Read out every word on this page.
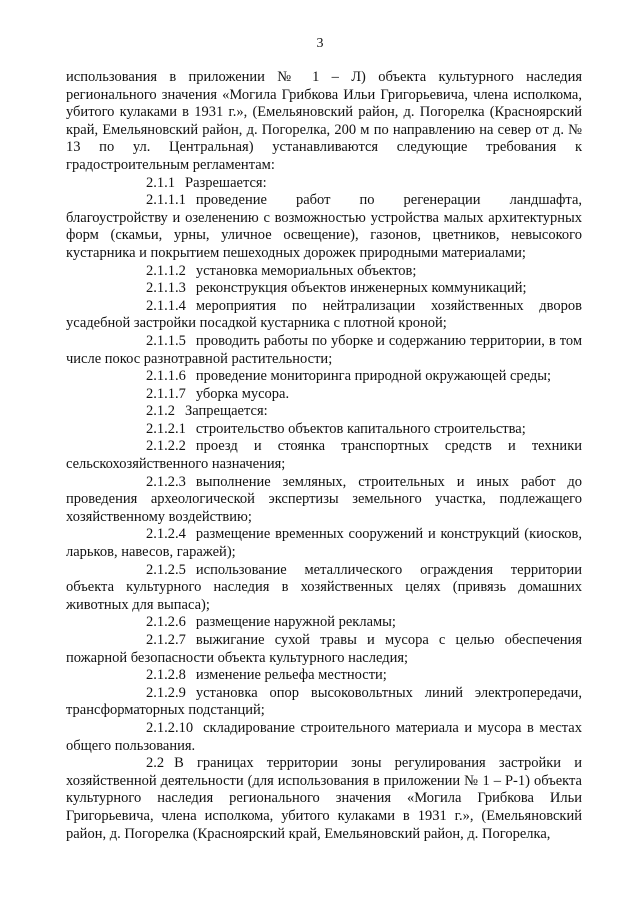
3

использования в приложении № 1 – Л) объекта культурного наследия регионального значения «Могила Грибкова Ильи Григорьевича, члена исполкома, убитого кулаками в 1931 г.», (Емельяновский район, д. Погорелка (Красноярский край, Емельяновский район, д. Погорелка, 200 м по направлению на север от д. № 13 по ул. Центральная) устанавливаются следующие требования к градостроительным регламентам:

2.1.1 Разрешается:

2.1.1.1 проведение работ по регенерации ландшафта, благоустройству и озеленению с возможностью устройства малых архитектурных форм (скамьи, урны, уличное освещение), газонов, цветников, невысокого кустарника и покрытием пешеходных дорожек природными материалами;

2.1.1.2 установка мемориальных объектов;

2.1.1.3 реконструкция объектов инженерных коммуникаций;

2.1.1.4 мероприятия по нейтрализации хозяйственных дворов усадебной застройки посадкой кустарника с плотной кроной;

2.1.1.5 проводить работы по уборке и содержанию территории, в том числе покос разнотравной растительности;

2.1.1.6 проведение мониторинга природной окружающей среды;

2.1.1.7 уборка мусора.

2.1.2 Запрещается:

2.1.2.1 строительство объектов капитального строительства;

2.1.2.2 проезд и стоянка транспортных средств и техники сельскохозяйственного назначения;

2.1.2.3 выполнение земляных, строительных и иных работ до проведения археологической экспертизы земельного участка, подлежащего хозяйственному воздействию;

2.1.2.4 размещение временных сооружений и конструкций (киосков, ларьков, навесов, гаражей);

2.1.2.5 использование металлического ограждения территории объекта культурного наследия в хозяйственных целях (привязь домашних животных для выпаса);

2.1.2.6 размещение наружной рекламы;

2.1.2.7 выжигание сухой травы и мусора с целью обеспечения пожарной безопасности объекта культурного наследия;

2.1.2.8 изменение рельефа местности;

2.1.2.9 установка опор высоковольтных линий электропередачи, трансформаторных подстанций;

2.1.2.10 складирование строительного материала и мусора в местах общего пользования.

2.2 В границах территории зоны регулирования застройки и хозяйственной деятельности (для использования в приложении № 1 – Р-1) объекта культурного наследия регионального значения «Могила Грибкова Ильи Григорьевича, члена исполкома, убитого кулаками в 1931 г.», (Емельяновский район, д. Погорелка (Красноярский край, Емельяновский район, д. Погорелка,
